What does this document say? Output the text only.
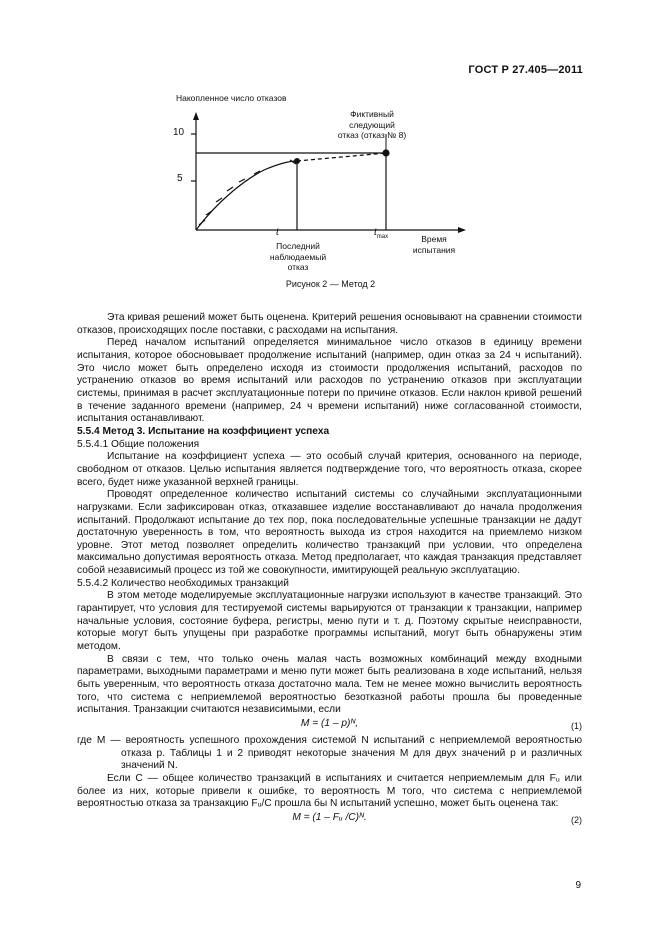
ГОСТ Р 27.405—2011
Накопленное число отказов
10
5
Фиктивный следующий
отказ (отказ № 8)
t
Последний
наблюдаемый отказ
$t_{max}$	Время
испытания
Рисунок 2 — Метод 2

Эта кривая решений может быть оценена. Критерий решения основывают на сравнении стоимости отказов, происходящих после поставки, с расходами на испытания.

Перед началом испытаний определяется минимальное число отказов в единицу времени испытания, которое обосновывает продолжение испытаний (например, один отказ за 24 ч испытаний). Это число может быть определено исходя из стоимости продолжения испытаний, расходов по устранению отказов во время испытаний или расходов по устранению отказов при эксплуатации системы, принимая в расчет эксплуатационные потери по причине отказов. Если наклон кривой решений в течение заданного времени (например, 24 ч времени испытаний) ниже согласованной стоимости, испытания останавливают.

5.5.4 Метод 3. Испытание на коэффициент успеха

5.5.4.1 Общие положения

Испытание на коэффициент успеха — это особый случай критерия, основанного на периоде, свободном от отказов. Целью испытания является подтверждение того, что вероятность отказа, скорее всего, будет ниже указанной верхней границы.

Проводят определенное количество испытаний системы со случайными эксплуатационными нагрузками. Если зафиксирован отказ, отказавшее изделие восстанавливают до начала продолжения испытаний. Продолжают испытание до тех пор, пока последовательные успешные транзакции не дадут достаточную уверенность в том, что вероятность выхода из строя находится на приемлемо низком уровне. Этот метод позволяет определить количество транзакций при условии, что определена максимально допустимая вероятность отказа. Метод предполагает, что каждая транзакция представляет собой независимый процесс из той же совокупности, имитирующей реальную эксплуатацию.

5.5.4.2 Количество необходимых транзакций

В этом методе моделируемые эксплуатационные нагрузки используют в качестве транзакций. Это гарантирует, что условия для тестируемой системы варьируются от транзакции к транзакции, например начальные условия, состояние буфера, регистры, меню пути и т. д. Поэтому скрытые неисправности, которые могут быть упущены при разработке программы испытаний, могут быть обнаружены этим методом.

В связи с тем, что только очень малая часть возможных комбинаций между входными параметрами, выходными параметрами и меню пути может быть реализована в ходе испытаний, нельзя быть уверенным, что вероятность отказа достаточно мала. Тем не менее можно вычислить вероятность того, что система с неприемлемой вероятностью безотказной работы прошла бы проведенные испытания. Транзакции считаются независимыми, если

M = (1 – p)ᴺ,	(1)

где M — вероятность успешного прохождения системой N испытаний с неприемлемой вероятностью отказа p. Таблицы 1 и 2 приводят некоторые значения M для двух значений p и различных значений N.

Если C — общее количество транзакций в испытаниях и считается неприемлемым для Fᵤ или более из них, которые привели к ошибке, то вероятность M того, что система с неприемлемой вероятностью отказа за транзакцию Fᵤ/C прошла бы N испытаний успешно, может быть оценена так:

M = (1 – Fᵤ /C)ᴺ.	(2)
9
